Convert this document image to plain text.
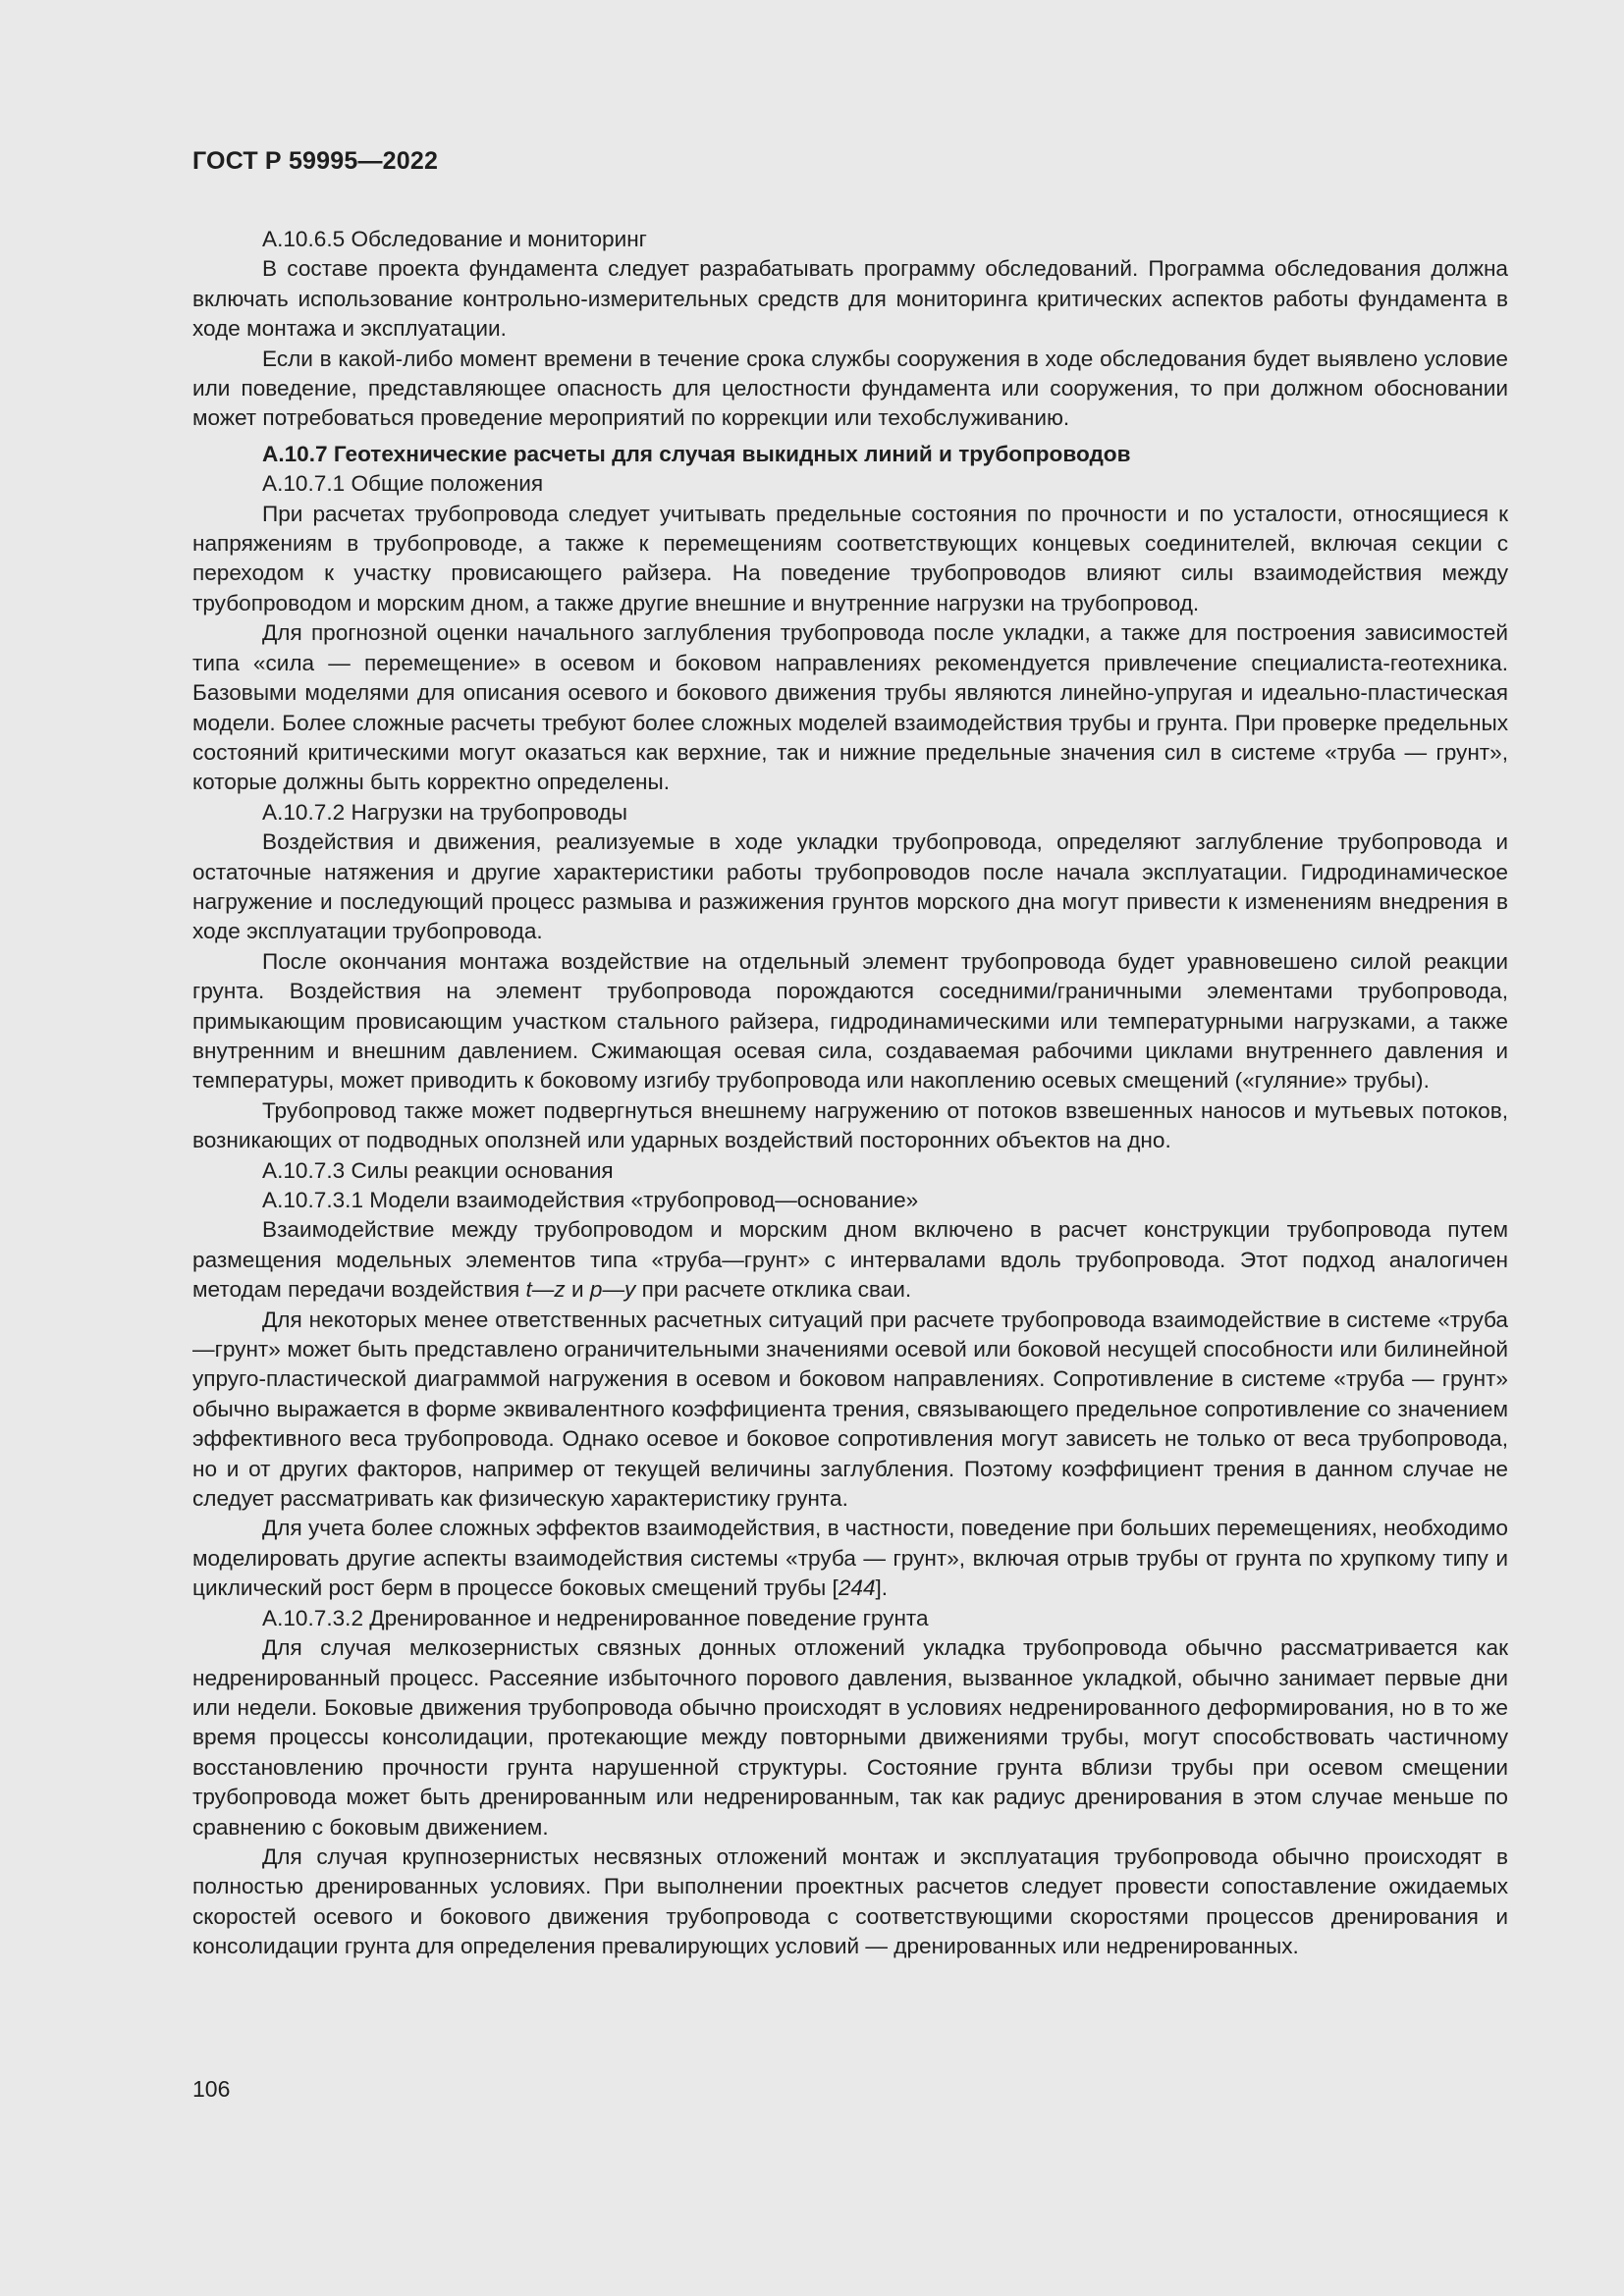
ГОСТ Р 59995—2022
А.10.6.5 Обследование и мониторинг

В составе проекта фундамента следует разрабатывать программу обследований. Программа обследования должна включать использование контрольно-измерительных средств для мониторинга критических аспектов работы фундамента в ходе монтажа и эксплуатации.

Если в какой-либо момент времени в течение срока службы сооружения в ходе обследования будет выявлено условие или поведение, представляющее опасность для целостности фундамента или сооружения, то при должном обосновании может потребоваться проведение мероприятий по коррекции или техобслуживанию.

А.10.7 Геотехнические расчеты для случая выкидных линий и трубопроводов
А.10.7.1 Общие положения

При расчетах трубопровода следует учитывать предельные состояния по прочности и по усталости, относящиеся к напряжениям в трубопроводе, а также к перемещениям соответствующих концевых соединителей, включая секции с переходом к участку провисающего райзера. На поведение трубопроводов влияют силы взаимодействия между трубопроводом и морским дном, а также другие внешние и внутренние нагрузки на трубопровод.

Для прогнозной оценки начального заглубления трубопровода после укладки, а также для построения зависимостей типа «сила — перемещение» в осевом и боковом направлениях рекомендуется привлечение специалиста-геотехника. Базовыми моделями для описания осевого и бокового движения трубы являются линейно-упругая и идеально-пластическая модели. Более сложные расчеты требуют более сложных моделей взаимодействия трубы и грунта. При проверке предельных состояний критическими могут оказаться как верхние, так и нижние предельные значения сил в системе «труба — грунт», которые должны быть корректно определены.

А.10.7.2 Нагрузки на трубопроводы

Воздействия и движения, реализуемые в ходе укладки трубопровода, определяют заглубление трубопровода и остаточные натяжения и другие характеристики работы трубопроводов после начала эксплуатации. Гидродинамическое нагружение и последующий процесс размыва и разжижения грунтов морского дна могут привести к изменениям внедрения в ходе эксплуатации трубопровода.

После окончания монтажа воздействие на отдельный элемент трубопровода будет уравновешено силой реакции грунта. Воздействия на элемент трубопровода порождаются соседними/граничными элементами трубопровода, примыкающим провисающим участком стального райзера, гидродинамическими или температурными нагрузками, а также внутренним и внешним давлением. Сжимающая осевая сила, создаваемая рабочими циклами внутреннего давления и температуры, может приводить к боковому изгибу трубопровода или накоплению осевых смещений («гуляние» трубы).

Трубопровод также может подвергнуться внешнему нагружению от потоков взвешенных наносов и мутьевых потоков, возникающих от подводных оползней или ударных воздействий посторонних объектов на дно.

А.10.7.3 Силы реакции основания
А.10.7.3.1 Модели взаимодействия «трубопровод—основание»

Взаимодействие между трубопроводом и морским дном включено в расчет конструкции трубопровода путем размещения модельных элементов типа «труба—грунт» с интервалами вдоль трубопровода. Этот подход аналогичен методам передачи воздействия t—z и p—y при расчете отклика сваи.

Для некоторых менее ответственных расчетных ситуаций при расчете трубопровода взаимодействие в системе «труба—грунт» может быть представлено ограничительными значениями осевой или боковой несущей способности или билинейной упруго-пластической диаграммой нагружения в осевом и боковом направлениях. Сопротивление в системе «труба — грунт» обычно выражается в форме эквивалентного коэффициента трения, связывающего предельное сопротивление со значением эффективного веса трубопровода. Однако осевое и боковое сопротивления могут зависеть не только от веса трубопровода, но и от других факторов, например от текущей величины заглубления. Поэтому коэффициент трения в данном случае не следует рассматривать как физическую характеристику грунта.

Для учета более сложных эффектов взаимодействия, в частности, поведение при больших перемещениях, необходимо моделировать другие аспекты взаимодействия системы «труба — грунт», включая отрыв трубы от грунта по хрупкому типу и циклический рост берм в процессе боковых смещений трубы [244].

А.10.7.3.2 Дренированное и недренированное поведение грунта

Для случая мелкозернистых связных донных отложений укладка трубопровода обычно рассматривается как недренированный процесс. Рассеяние избыточного порового давления, вызванное укладкой, обычно занимает первые дни или недели. Боковые движения трубопровода обычно происходят в условиях недренированного деформирования, но в то же время процессы консолидации, протекающие между повторными движениями трубы, могут способствовать частичному восстановлению прочности грунта нарушенной структуры. Состояние грунта вблизи трубы при осевом смещении трубопровода может быть дренированным или недренированным, так как радиус дренирования в этом случае меньше по сравнению с боковым движением.

Для случая крупнозернистых несвязных отложений монтаж и эксплуатация трубопровода обычно происходят в полностью дренированных условиях. При выполнении проектных расчетов следует провести сопоставление ожидаемых скоростей осевого и бокового движения трубопровода с соответствующими скоростями процессов дренирования и консолидации грунта для определения превалирующих условий — дренированных или недренированных.

106
